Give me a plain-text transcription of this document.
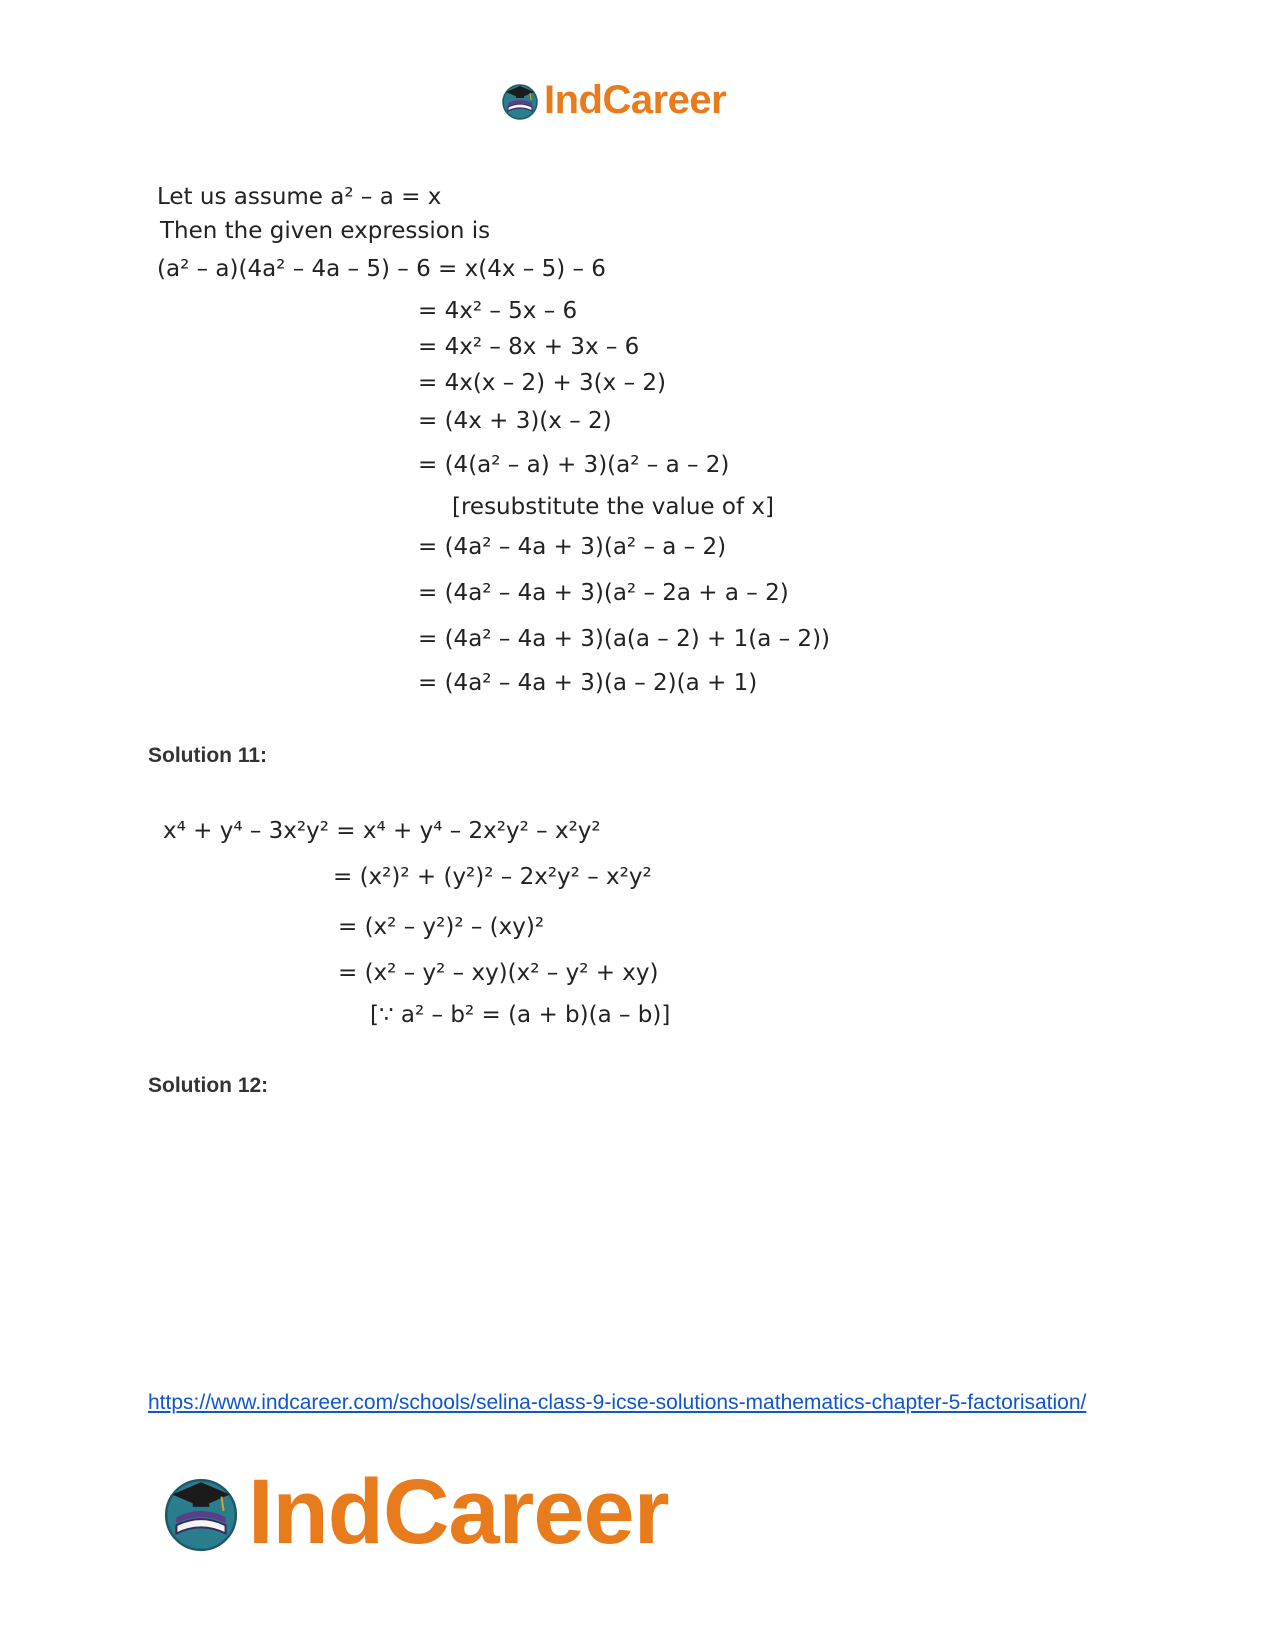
IndCareer
Let us assume a² – a = x
Then the given expression is
(a² – a)(4a² – 4a – 5) – 6 = x(4x – 5) – 6
= 4x² – 5x – 6
= 4x² – 8x + 3x – 6
= 4x(x – 2) + 3(x – 2)
= (4x + 3)(x – 2)
= (4(a² – a) + 3)(a² – a – 2)
[resubstitute the value of x]
= (4a² – 4a + 3)(a² – a – 2)
= (4a² – 4a + 3)(a² – 2a + a – 2)
= (4a² – 4a + 3)(a(a – 2) + 1(a – 2))
= (4a² – 4a + 3)(a – 2)(a + 1)
Solution 11:
x⁴ + y⁴ – 3x²y² = x⁴ + y⁴ – 2x²y² – x²y²
= (x²)² + (y²)² – 2x²y² – x²y²
= (x² – y²)² – (xy)²
= (x² – y² – xy)(x² – y² + xy)
[∵ a² – b² = (a + b)(a – b)]
Solution 12:
https://www.indcareer.com/schools/selina-class-9-icse-solutions-mathematics-chapter-5-factorisation/
IndCareer
